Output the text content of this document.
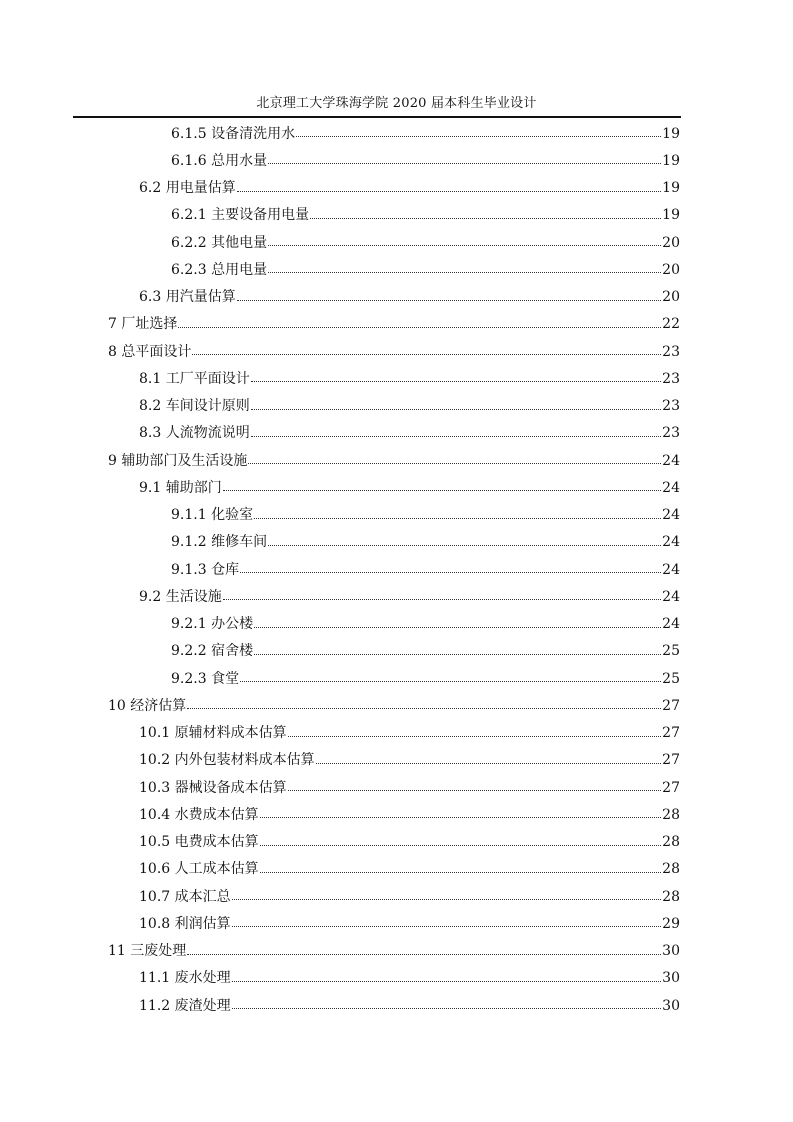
北京理工大学珠海学院 2020 届本科生毕业设计
6.1.5 设备清洗用水	19
6.1.6 总用水量	19
6.2 用电量估算	19
6.2.1 主要设备用电量	19
6.2.2 其他电量	20
6.2.3 总用电量	20
6.3 用汽量估算	20
7 厂址选择	22
8 总平面设计	23
8.1 工厂平面设计	23
8.2 车间设计原则	23
8.3 人流物流说明	23
9 辅助部门及生活设施	24
9.1 辅助部门	24
9.1.1 化验室	24
9.1.2 维修车间	24
9.1.3 仓库	24
9.2 生活设施	24
9.2.1 办公楼	24
9.2.2 宿舍楼	25
9.2.3 食堂	25
10 经济估算	27
10.1 原辅材料成本估算	27
10.2 内外包装材料成本估算	27
10.3 器械设备成本估算	27
10.4 水费成本估算	28
10.5 电费成本估算	28
10.6 人工成本估算	28
10.7 成本汇总	28
10.8 利润估算	29
11 三废处理	30
11.1 废水处理	30
11.2 废渣处理	30
